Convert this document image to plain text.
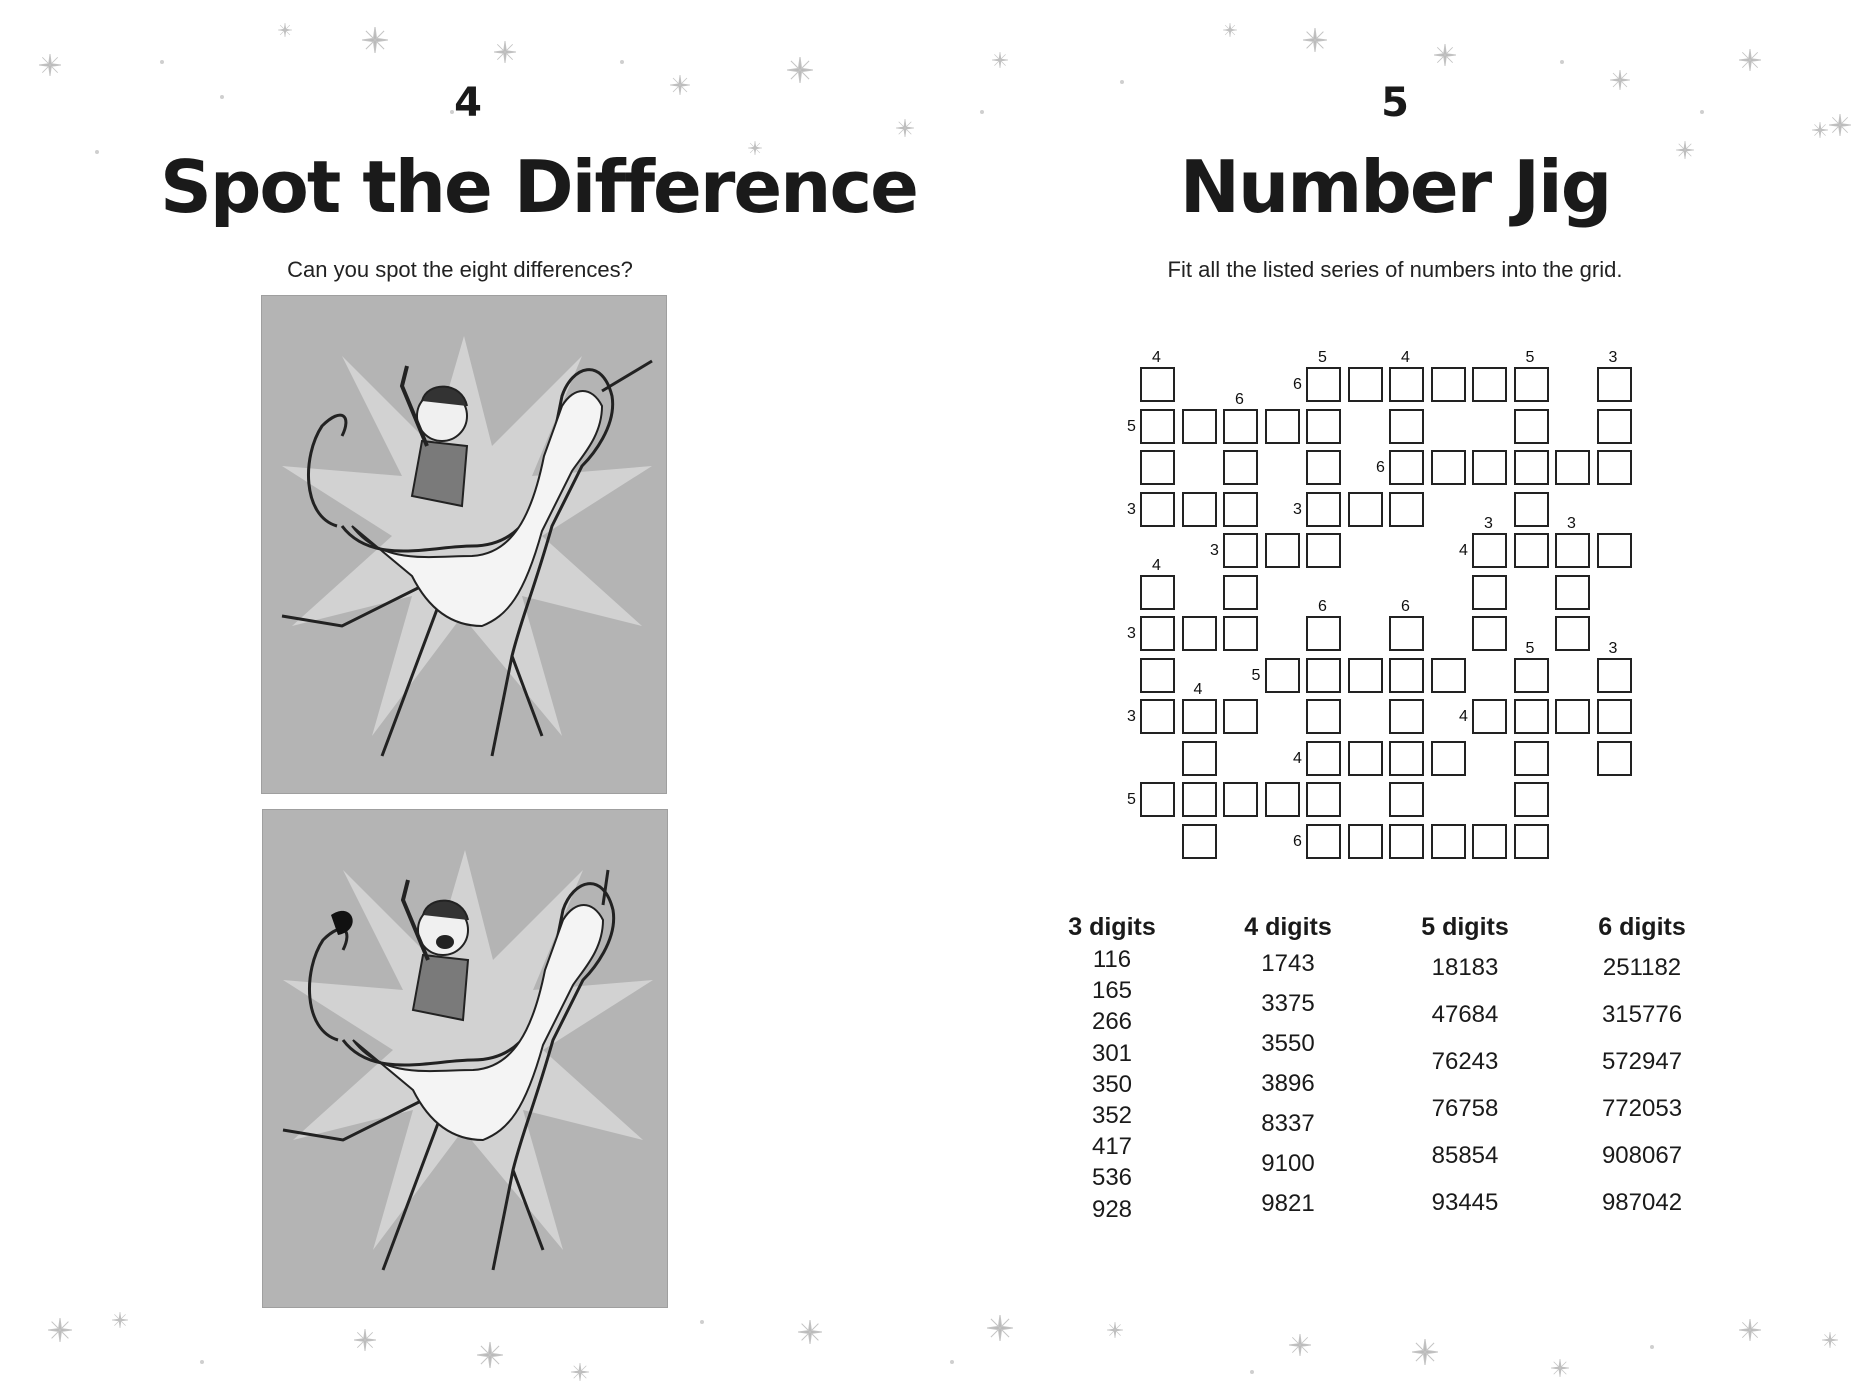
4
Spot the Difference
Can you spot the eight differences?
5
Number Jig
Fit all the listed series of numbers into the grid.
4	5	4	5	3
6
6
5
6
3	3
3	3
3	4
4
6	6
3
5	3
5
4
3	4
4
5
6
3 digits
116
165
266
301
350
352
417
536
928
4 digits
1743
3375
3550
3896
8337
9100
9821
5 digits
18183
47684
76243
76758
85854
93445
6 digits
251182
315776
572947
772053
908067
987042
